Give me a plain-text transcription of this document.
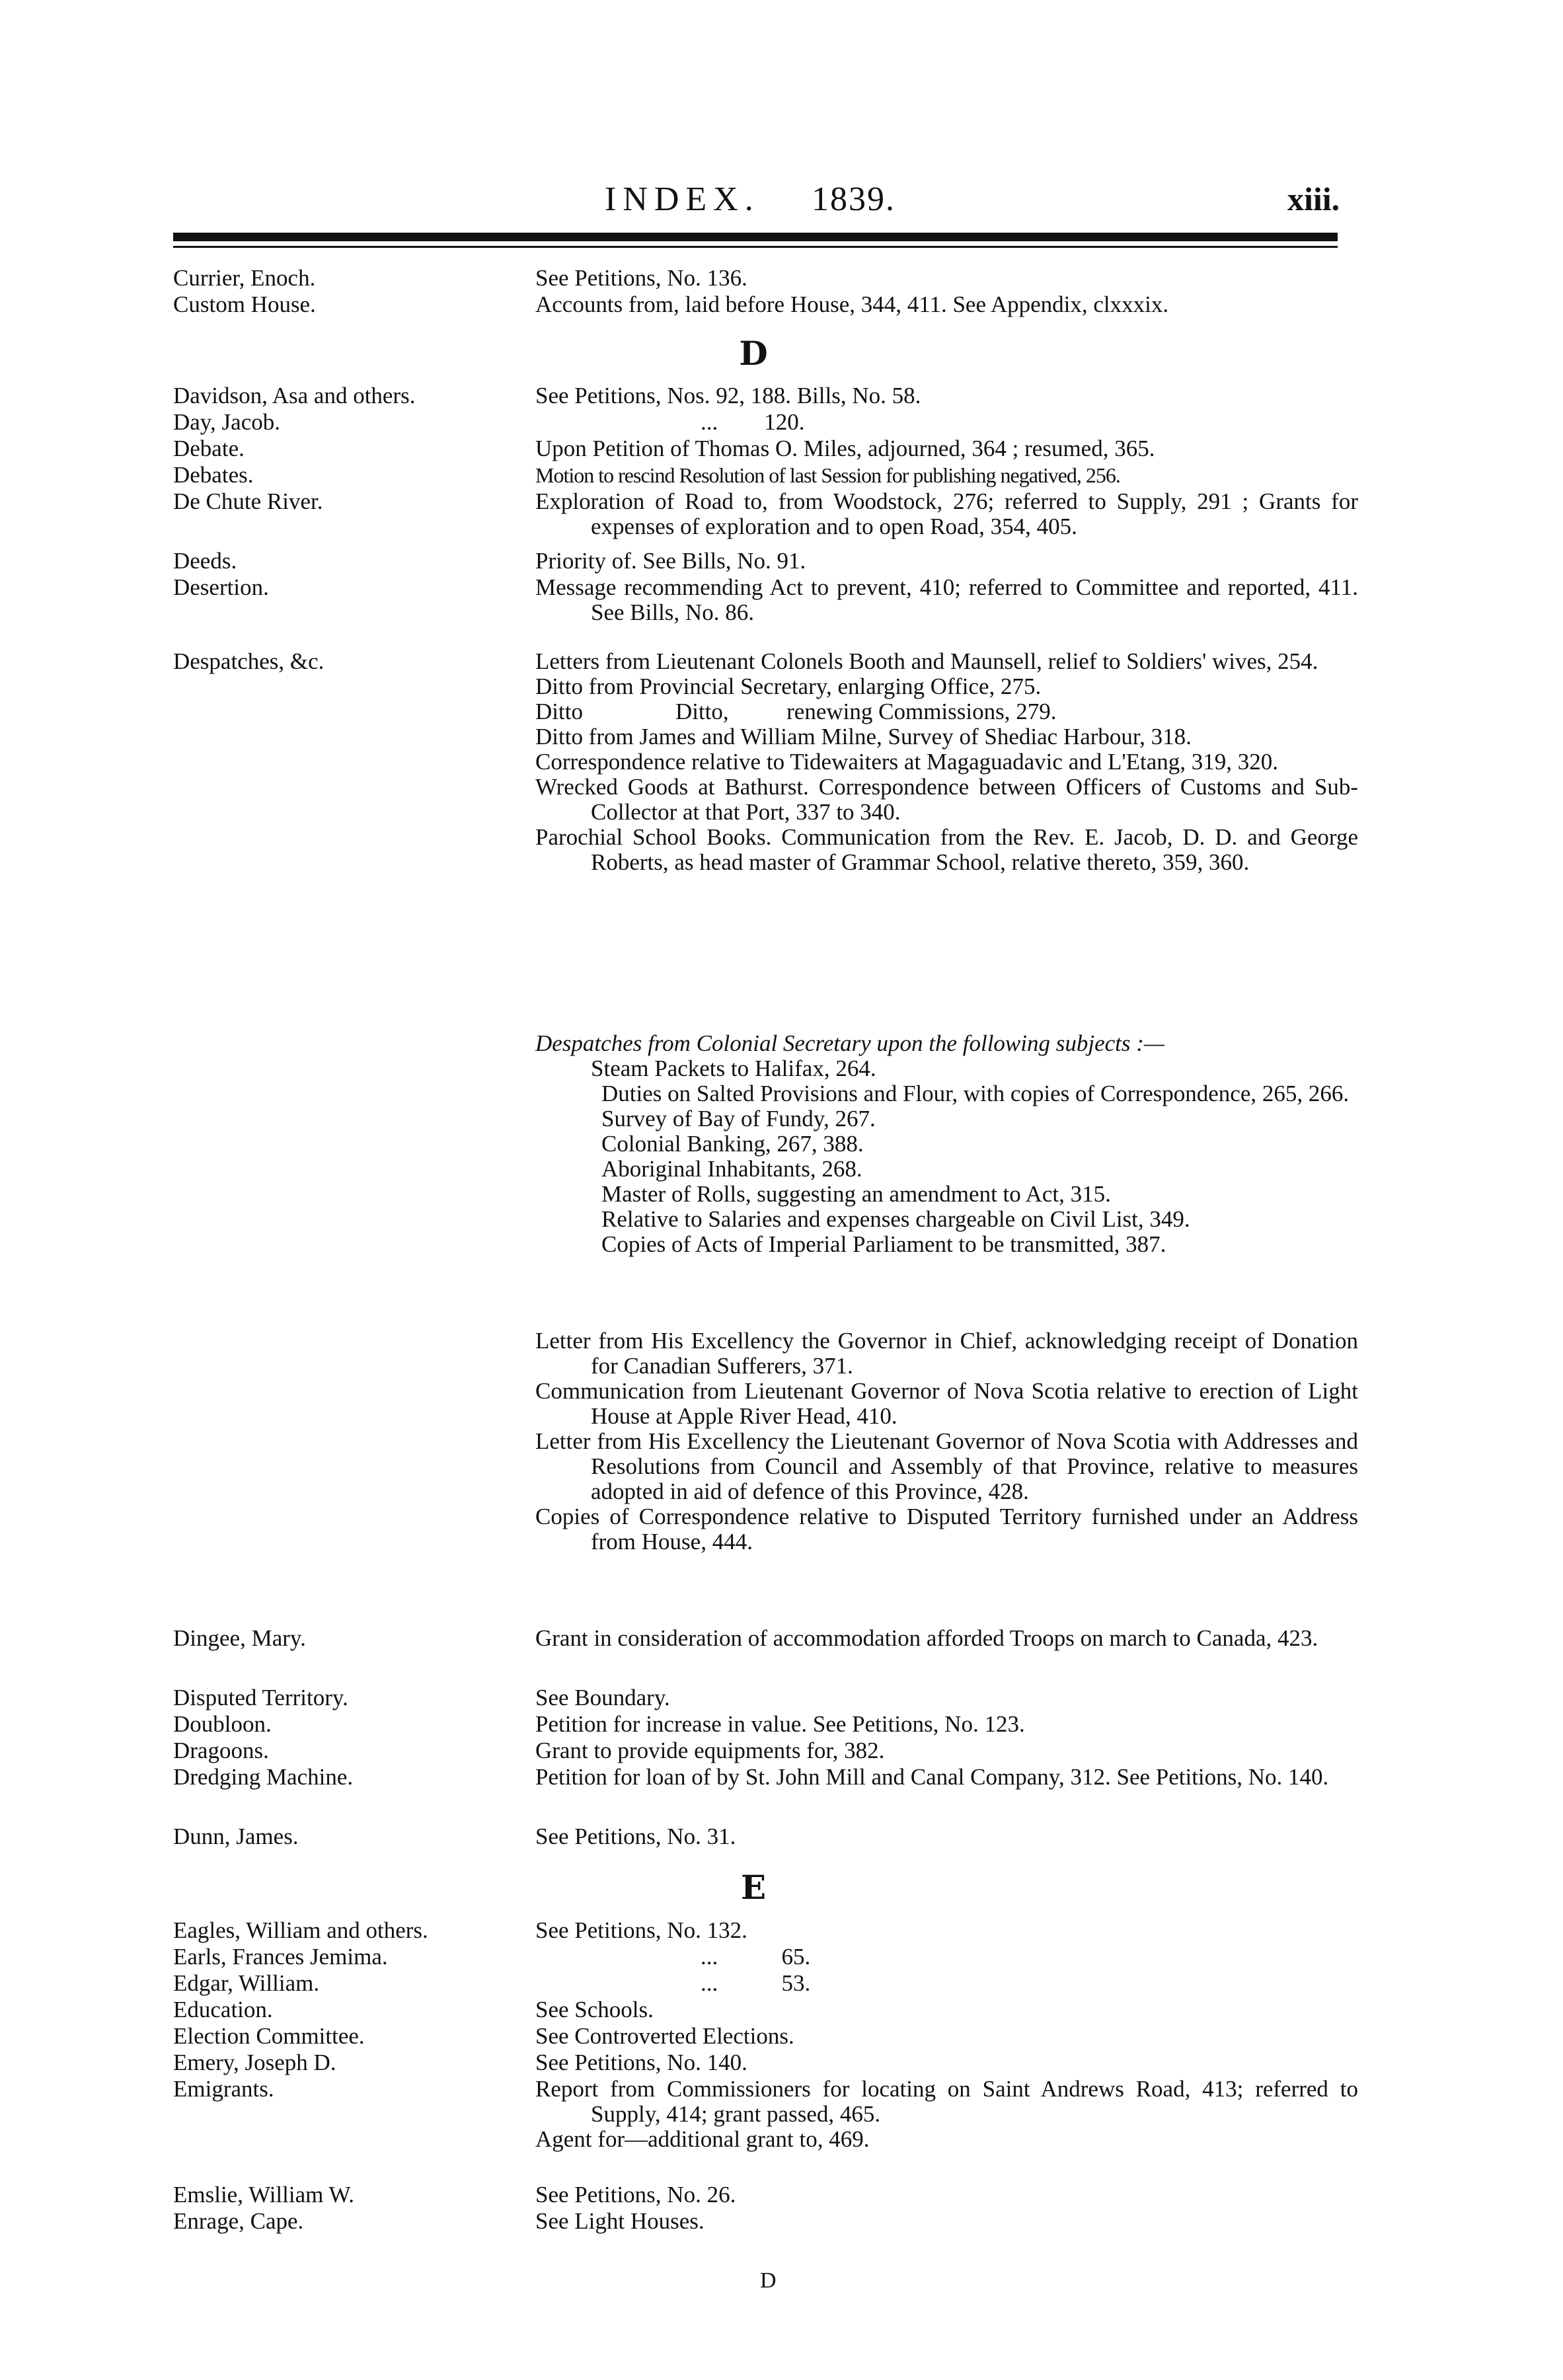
INDEX. 1839.	xiii.
Currier, Enoch.	See Petitions, No. 136.

Custom House.	Accounts from, laid before House, 344, 411. See Appendix, clxxxix.

D
Davidson, Asa and others.	See Petitions, Nos. 92, 188. Bills, No. 58.

Day, Jacob.	...        120.

Debate.	Upon Petition of Thomas O. Miles, adjourned, 364 ; resumed, 365.

Debates.	Motion to rescind Resolution of last Session for publishing negatived, 256.

De Chute River.	Exploration of Road to, from Woodstock, 276; referred to Supply, 291 ; Grants for expenses of exploration and to open Road, 354, 405.

Deeds.	Priority of. See Bills, No. 91.

Desertion.	Message recommending Act to prevent, 410; referred to Committee and reported, 411. See Bills, No. 86.

Despatches, &c.	Letters from Lieutenant Colonels Booth and Maunsell, relief to Soldiers' wives, 254.

Ditto from Provincial Secretary, enlarging Office, 275.

Ditto                Ditto,          renewing Commissions, 279.

Ditto from James and William Milne, Survey of Shediac Harbour, 318.

Correspondence relative to Tidewaiters at Magaguadavic and L'Etang, 319, 320.

Wrecked Goods at Bathurst. Correspondence between Officers of Customs and Sub-Collector at that Port, 337 to 340.

Parochial School Books. Communication from the Rev. E. Jacob, D. D. and George Roberts, as head master of Grammar School, relative thereto, 359, 360.

Despatches from Colonial Secretary upon the following subjects :—

Steam Packets to Halifax, 264.

Duties on Salted Provisions and Flour, with copies of Correspondence, 265, 266.

Survey of Bay of Fundy, 267.

Colonial Banking, 267, 388.

Aboriginal Inhabitants, 268.

Master of Rolls, suggesting an amendment to Act, 315.

Relative to Salaries and expenses chargeable on Civil List, 349.

Copies of Acts of Imperial Parliament to be transmitted, 387.

Letter from His Excellency the Governor in Chief, acknowledging receipt of Donation for Canadian Sufferers, 371.

Communication from Lieutenant Governor of Nova Scotia relative to erection of Light House at Apple River Head, 410.

Letter from His Excellency the Lieutenant Governor of Nova Scotia with Addresses and Resolutions from Council and Assembly of that Province, relative to measures adopted in aid of defence of this Province, 428.

Copies of Correspondence relative to Disputed Territory furnished under an Address from House, 444.

Dingee, Mary.	Grant in consideration of accommodation afforded Troops on march to Canada, 423.

Disputed Territory.	See Boundary.

Doubloon.	Petition for increase in value. See Petitions, No. 123.

Dragoons.	Grant to provide equipments for, 382.

Dredging Machine.	Petition for loan of by St. John Mill and Canal Company, 312. See Petitions, No. 140.

Dunn, James.	See Petitions, No. 31.

E
Eagles, William and others.	See Petitions, No. 132.

Earls, Frances Jemima.	...           65.

Edgar, William.	...           53.

Education.	See Schools.

Election Committee.	See Controverted Elections.

Emery, Joseph D.	See Petitions, No. 140.

Emigrants.	Report from Commissioners for locating on Saint Andrews Road, 413; referred to Supply, 414; grant passed, 465.

Agent for—additional grant to, 469.

Emslie, William W.	See Petitions, No. 26.

Enrage, Cape.	See Light Houses.

D
